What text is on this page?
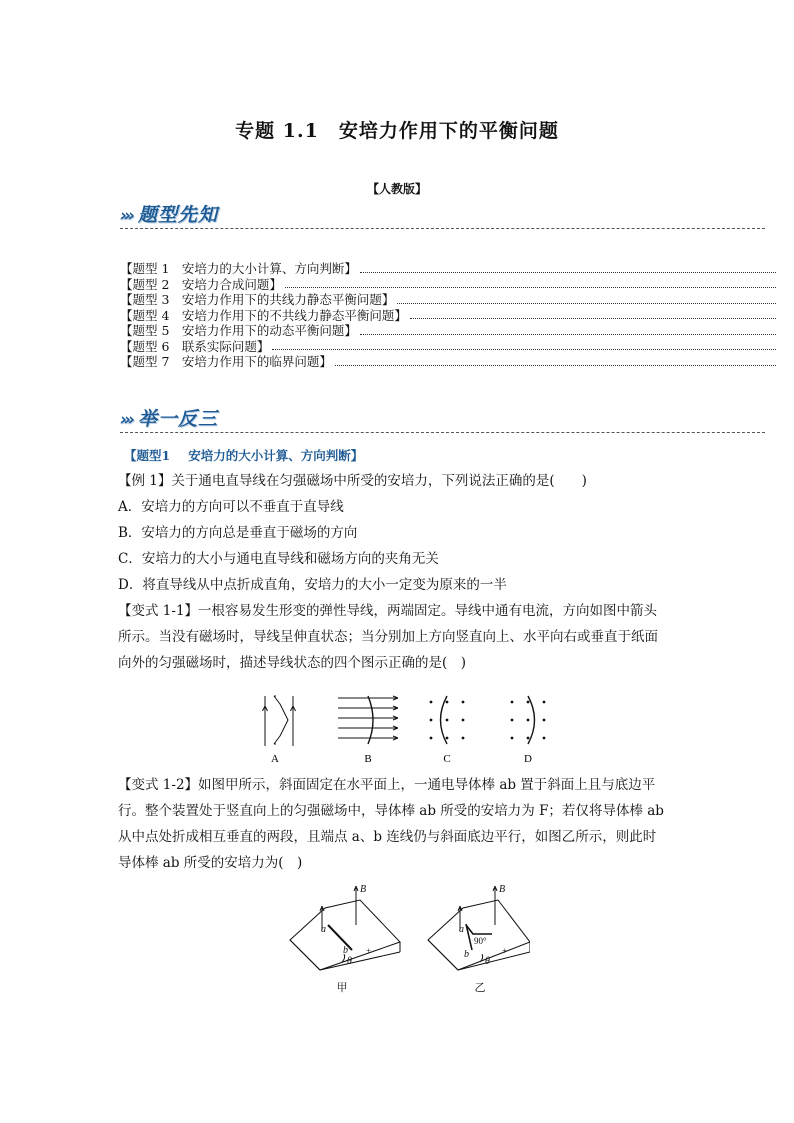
专题 1.1　安培力作用下的平衡问题
【人教版】
››› 题型先知
【题型 1　安培力的大小计算、方向判断】
【题型 2　安培力合成问题】
【题型 3　安培力作用下的共线力静态平衡问题】
【题型 4　安培力作用下的不共线力静态平衡问题】
【题型 5　安培力作用下的动态平衡问题】
【题型 6　联系实际问题】
【题型 7　安培力作用下的临界问题】
››› 举一反三
【题型1 安培力的大小计算、方向判断】

【例 1】关于通电直导线在匀强磁场中所受的安培力，下列说法正确的是(　　)

A．安培力的方向可以不垂直于直导线

B．安培力的方向总是垂直于磁场的方向

C．安培力的大小与通电直导线和磁场方向的夹角无关

D．将直导线从中点折成直角，安培力的大小一定变为原来的一半

【变式 1-1】一根容易发生形变的弹性导线，两端固定。导线中通有电流，方向如图中箭头

所示。当没有磁场时，导线呈伸直状态；当分别加上方向竖直向上、水平向右或垂直于纸面

向外的匀强磁场时，描述导线状态的四个图示正确的是(　)

A	B	C	D

【变式 1-2】如图甲所示，斜面固定在水平面上，一通电导体棒 ab 置于斜面上且与底边平

行。整个装置处于竖直向上的匀强磁场中，导体棒 ab 所受的安培力为 F；若仅将导体棒 ab

从中点处折成相互垂直的两段，且端点 a、b 连线仍与斜面底边平行，如图乙所示，则此时

导体棒 ab 所受的安培力为(　)

B
a
b
θ
B
a
b
θ
+
90°
+
甲	乙
